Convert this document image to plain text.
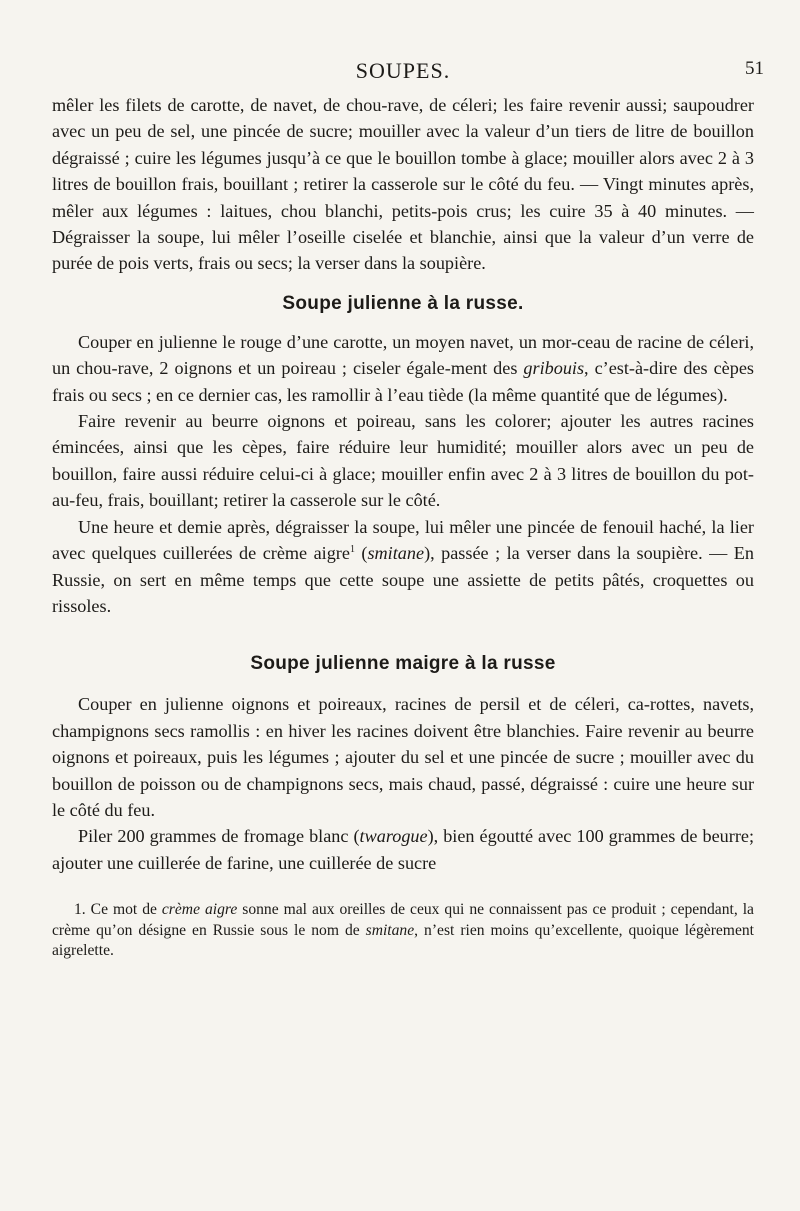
SOUPES.	51

mêler les filets de carotte, de navet, de chou-rave, de céleri; les faire revenir aussi; saupoudrer avec un peu de sel, une pincée de sucre; mouiller avec la valeur d’un tiers de litre de bouillon dégraissé ; cuire les légumes jusqu’à ce que le bouillon tombe à glace; mouiller alors avec 2 à 3 litres de bouillon frais, bouillant ; retirer la casserole sur le côté du feu. — Vingt minutes après, mêler aux légumes : laitues, chou blanchi, petits-pois crus; les cuire 35 à 40 minutes. — Dégraisser la soupe, lui mêler l’oseille ciselée et blanchie, ainsi que la valeur d’un verre de purée de pois verts, frais ou secs; la verser dans la soupière.

Soupe julienne à la russe.

Couper en julienne le rouge d’une carotte, un moyen navet, un mor-ceau de racine de céleri, un chou-rave, 2 oignons et un poireau ; ciseler égale-ment des gribouis, c’est-à-dire des cèpes frais ou secs ; en ce dernier cas, les ramollir à l’eau tiède (la même quantité que de légumes).

Faire revenir au beurre oignons et poireau, sans les colorer; ajouter les autres racines émincées, ainsi que les cèpes, faire réduire leur humidité; mouiller alors avec un peu de bouillon, faire aussi réduire celui-ci à glace; mouiller enfin avec 2 à 3 litres de bouillon du pot-au-feu, frais, bouillant; retirer la casserole sur le côté.

Une heure et demie après, dégraisser la soupe, lui mêler une pincée de fenouil haché, la lier avec quelques cuillerées de crème aigre$^1$ (smitane), passée ; la verser dans la soupière. — En Russie, on sert en même temps que cette soupe une assiette de petits pâtés, croquettes ou rissoles.

Soupe julienne maigre à la russe

Couper en julienne oignons et poireaux, racines de persil et de céleri, ca-rottes, navets, champignons secs ramollis : en hiver les racines doivent être blanchies. Faire revenir au beurre oignons et poireaux, puis les légumes ; ajouter du sel et une pincée de sucre ; mouiller avec du bouillon de poisson ou de champignons secs, mais chaud, passé, dégraissé : cuire une heure sur le côté du feu.

Piler 200 grammes de fromage blanc (twarogue), bien égoutté avec 100 grammes de beurre; ajouter une cuillerée de farine, une cuillerée de sucre

1. Ce mot de crème aigre sonne mal aux oreilles de ceux qui ne connaissent pas ce produit ; cependant, la crème qu’on désigne en Russie sous le nom de smitane, n’est rien moins qu’excellente, quoique légèrement aigrelette.
